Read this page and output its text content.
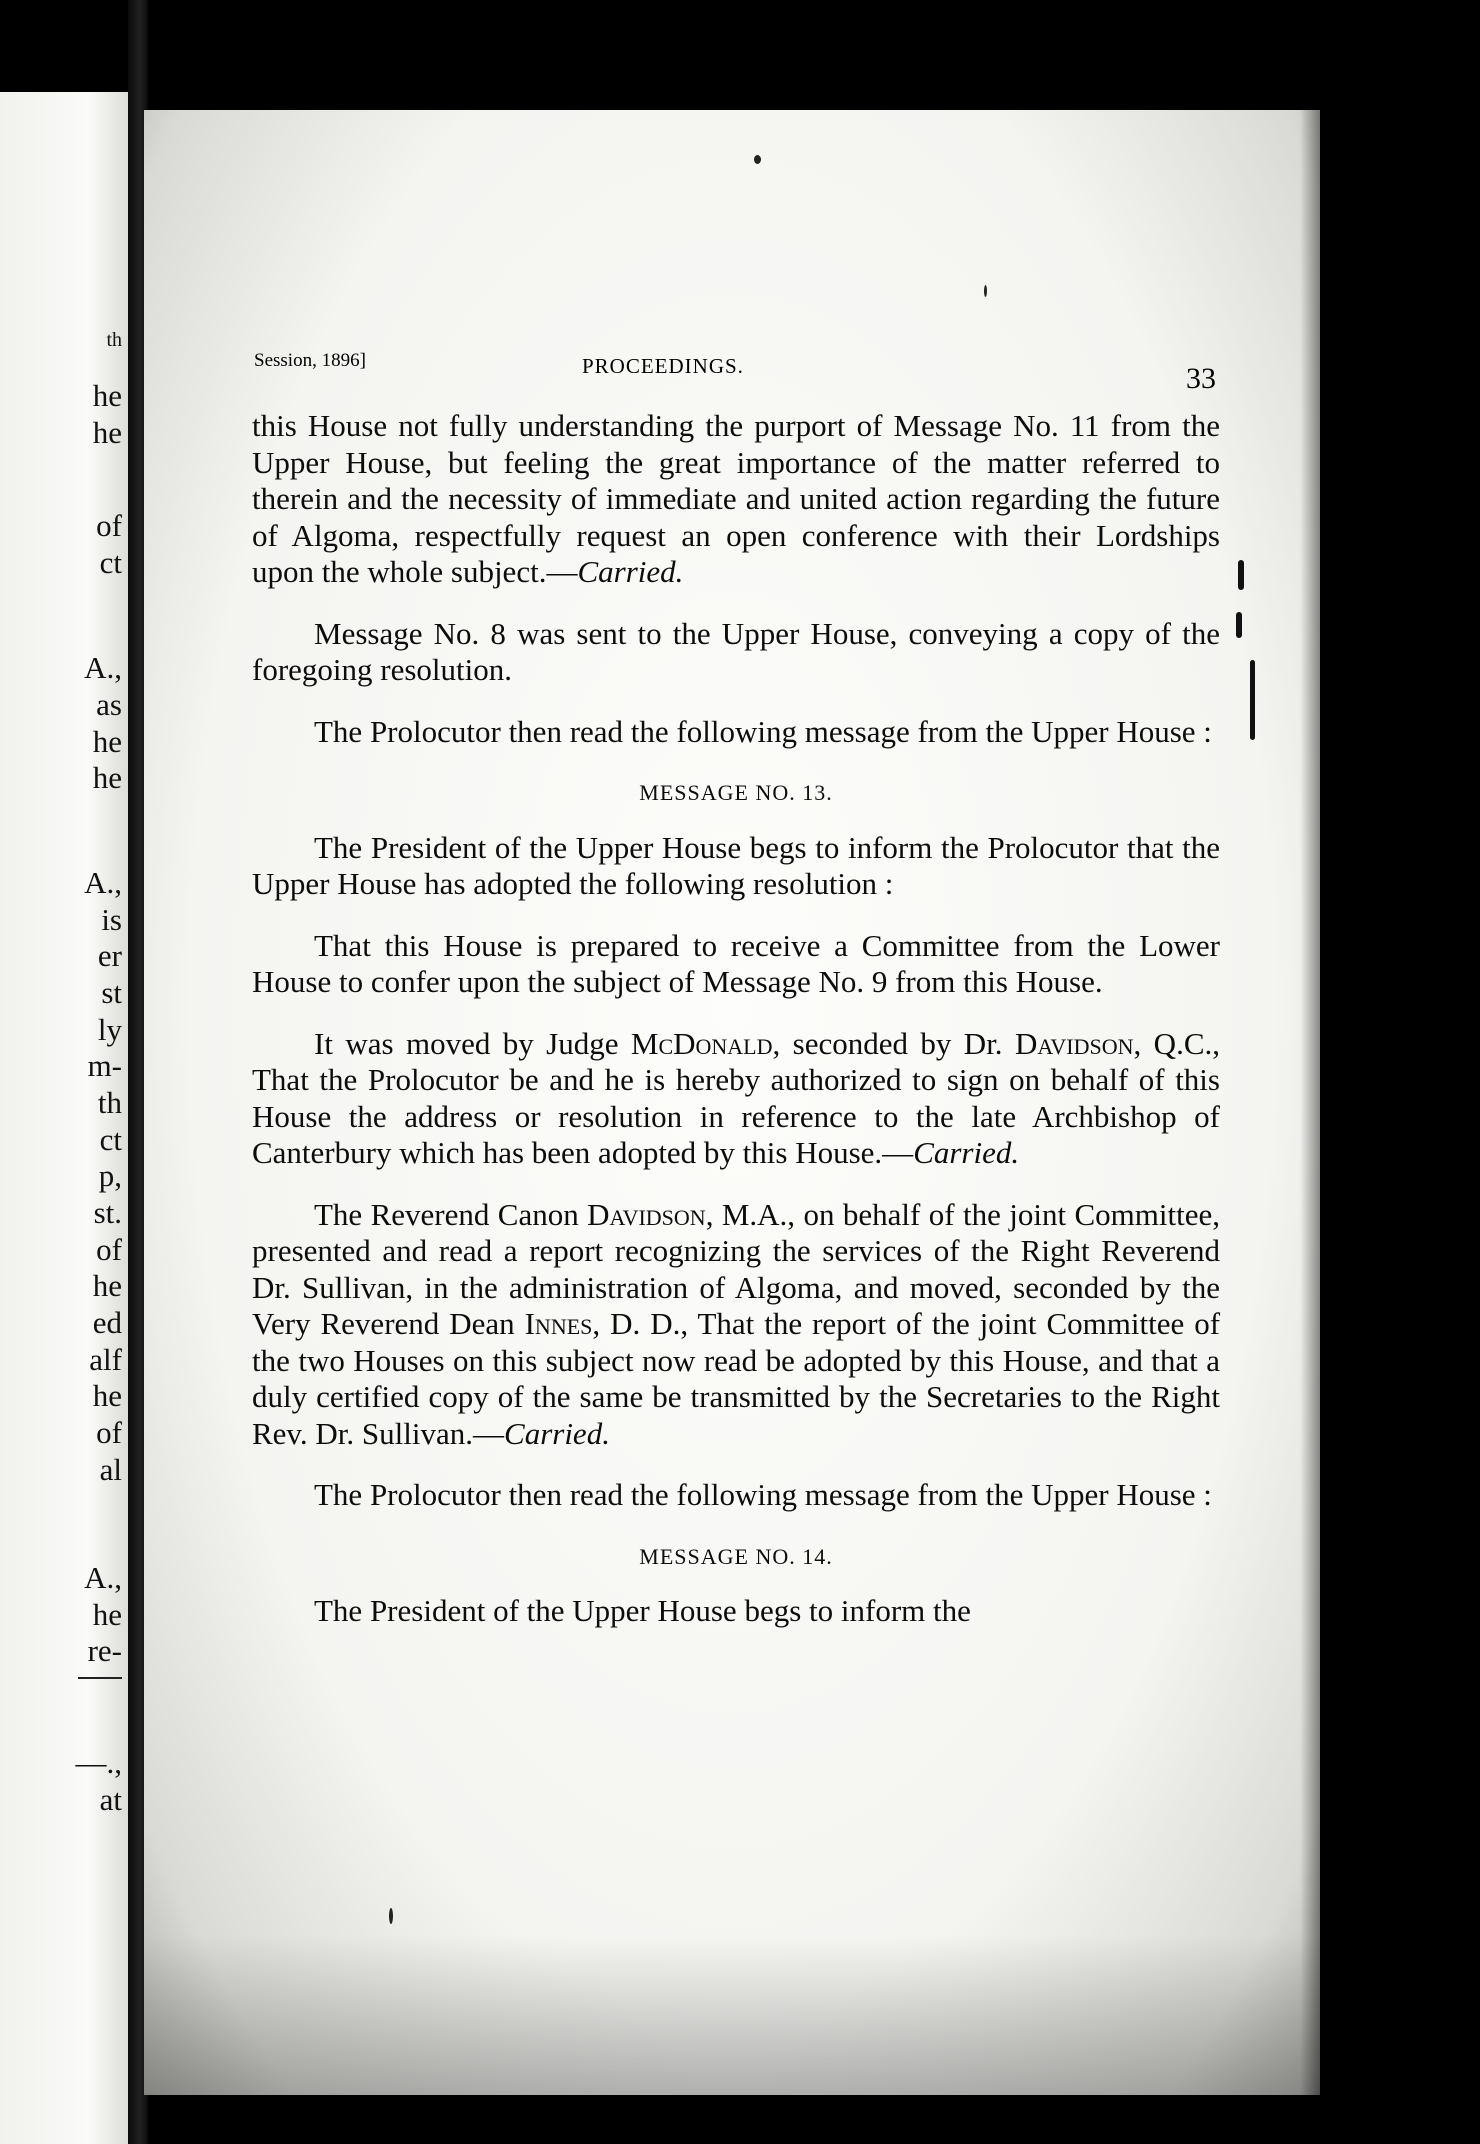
th
he
he
of
ct
A.,
as
he
he
A.,
is
er
st
ly
m-
th
ct
p,
st.
of
he
ed
alf
he
of
al
A.,
he
re-
—.,
at
Session, 1896]	PROCEEDINGS.	33

this House not fully understanding the purport of Message No. 11 from the Upper House, but feeling the great importance of the matter referred to therein and the necessity of immediate and united action regarding the future of Algoma, respectfully request an open conference with their Lordships upon the whole subject.—Carried.

Message No. 8 was sent to the Upper House, conveying a copy of the foregoing resolution.

The Prolocutor then read the following message from the Upper House :

MESSAGE NO. 13.

The President of the Upper House begs to inform the Prolocutor that the Upper House has adopted the following resolution :

That this House is prepared to receive a Committee from the Lower House to confer upon the subject of Message No. 9 from this House.

It was moved by Judge McDonald, seconded by Dr. Davidson, Q.C., That the Prolocutor be and he is hereby authorized to sign on behalf of this House the address or resolution in reference to the late Archbishop of Canterbury which has been adopted by this House.—Carried.

The Reverend Canon Davidson, M.A., on behalf of the joint Committee, presented and read a report recognizing the services of the Right Reverend Dr. Sullivan, in the administration of Algoma, and moved, seconded by the Very Reverend Dean Innes, D. D., That the report of the joint Committee of the two Houses on this subject now read be adopted by this House, and that a duly certified copy of the same be transmitted by the Secretaries to the Right Rev. Dr. Sullivan.—Carried.

The Prolocutor then read the following message from the Upper House :

MESSAGE NO. 14.

The President of the Upper House begs to inform the
